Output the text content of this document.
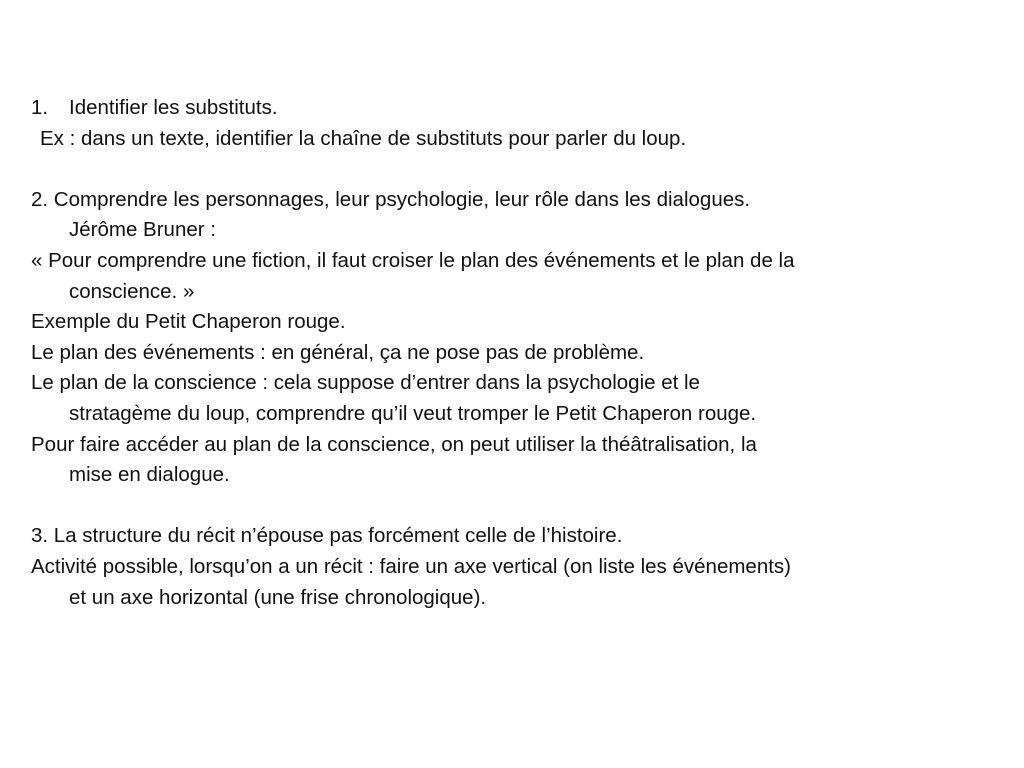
1.	Identifier les substituts.
Ex : dans un texte, identifier la chaîne de substituts pour parler du loup.
2. Comprendre les personnages, leur psychologie, leur rôle dans les dialogues.
Jérôme Bruner :
« Pour comprendre une fiction, il faut croiser le plan des événements et le plan de la
conscience. »
Exemple du Petit Chaperon rouge.
Le plan des événements : en général, ça ne pose pas de problème.
Le plan de la conscience : cela suppose d’entrer dans la psychologie et le
stratagème du loup, comprendre qu’il veut tromper le Petit Chaperon rouge.
Pour faire accéder au plan de la conscience, on peut utiliser la théâtralisation, la
mise en dialogue.
3. La structure du récit n’épouse pas forcément celle de l’histoire.
Activité possible, lorsqu’on a un récit : faire un axe vertical (on liste les événements)
et un axe horizontal (une frise chronologique).
